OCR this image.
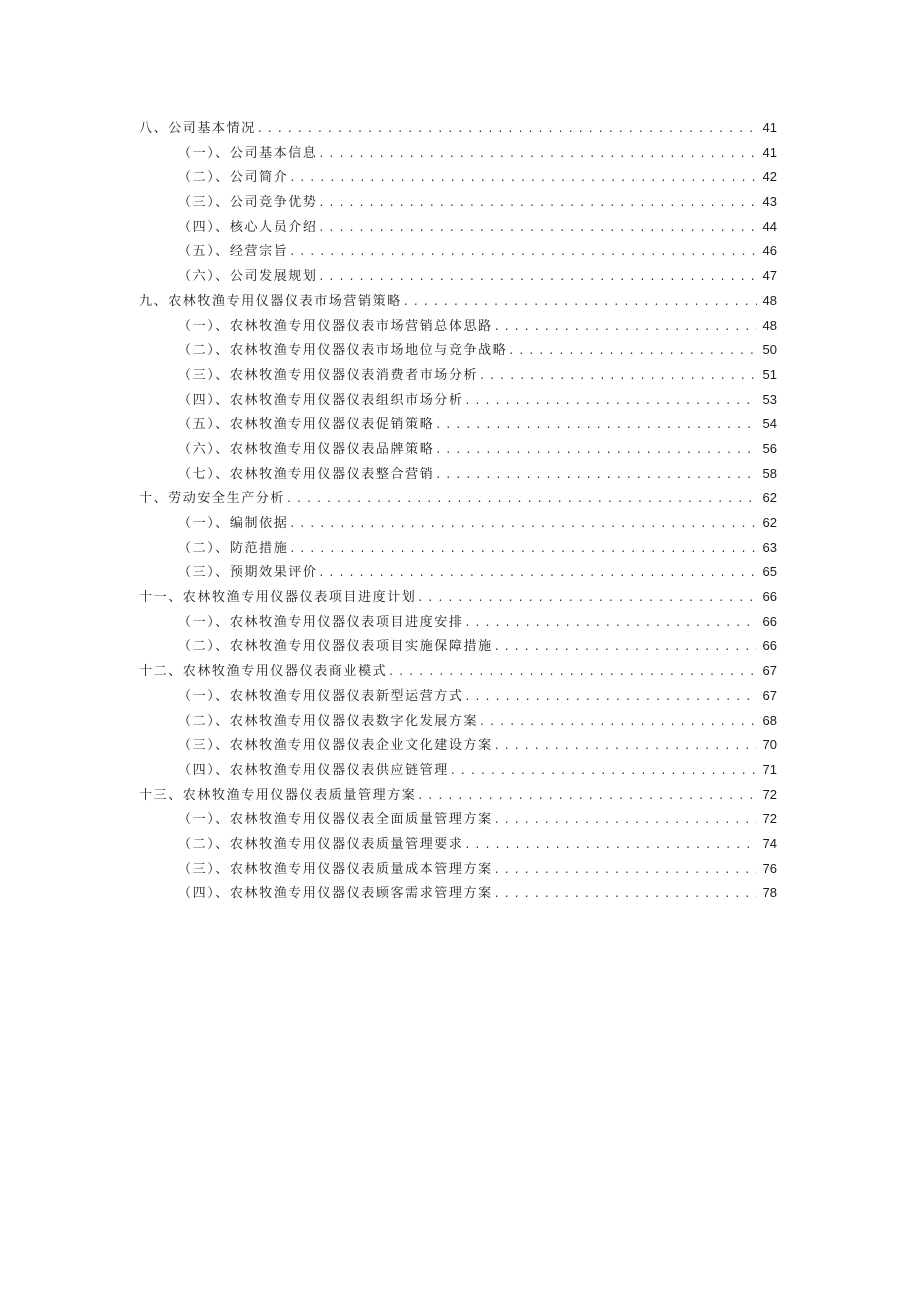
八、公司基本情况 . . .	41
（一）、公司基本信息 . . .	41
（二）、公司简介 . . .	42
（三）、公司竞争优势 . . .	43
（四）、核心人员介绍 . . .	44
（五）、经营宗旨 . . .	46
（六）、公司发展规划 . . .	47
九、农林牧渔专用仪器仪表市场营销策略 . . .	48
（一）、农林牧渔专用仪器仪表市场营销总体思路 . . .	48
（二）、农林牧渔专用仪器仪表市场地位与竞争战略 . . .	50
（三）、农林牧渔专用仪器仪表消费者市场分析 . . .	51
（四）、农林牧渔专用仪器仪表组织市场分析 . . .	53
（五）、农林牧渔专用仪器仪表促销策略 . . .	54
（六）、农林牧渔专用仪器仪表品牌策略 . . .	56
（七）、农林牧渔专用仪器仪表整合营销 . . .	58
十、劳动安全生产分析 . . .	62
（一）、编制依据 . . .	62
（二）、防范措施 . . .	63
（三）、预期效果评价 . . .	65
十一、农林牧渔专用仪器仪表项目进度计划 . . .	66
（一）、农林牧渔专用仪器仪表项目进度安排 . . .	66
（二）、农林牧渔专用仪器仪表项目实施保障措施 . . .	66
十二、农林牧渔专用仪器仪表商业模式 . . .	67
（一）、农林牧渔专用仪器仪表新型运营方式 . . .	67
（二）、农林牧渔专用仪器仪表数字化发展方案 . . .	68
（三）、农林牧渔专用仪器仪表企业文化建设方案 . . .	70
（四）、农林牧渔专用仪器仪表供应链管理 . . .	71
十三、农林牧渔专用仪器仪表质量管理方案 . . .	72
（一）、农林牧渔专用仪器仪表全面质量管理方案 . . .	72
（二）、农林牧渔专用仪器仪表质量管理要求 . . .	74
（三）、农林牧渔专用仪器仪表质量成本管理方案 . . .	76
（四）、农林牧渔专用仪器仪表顾客需求管理方案 . . .	78
